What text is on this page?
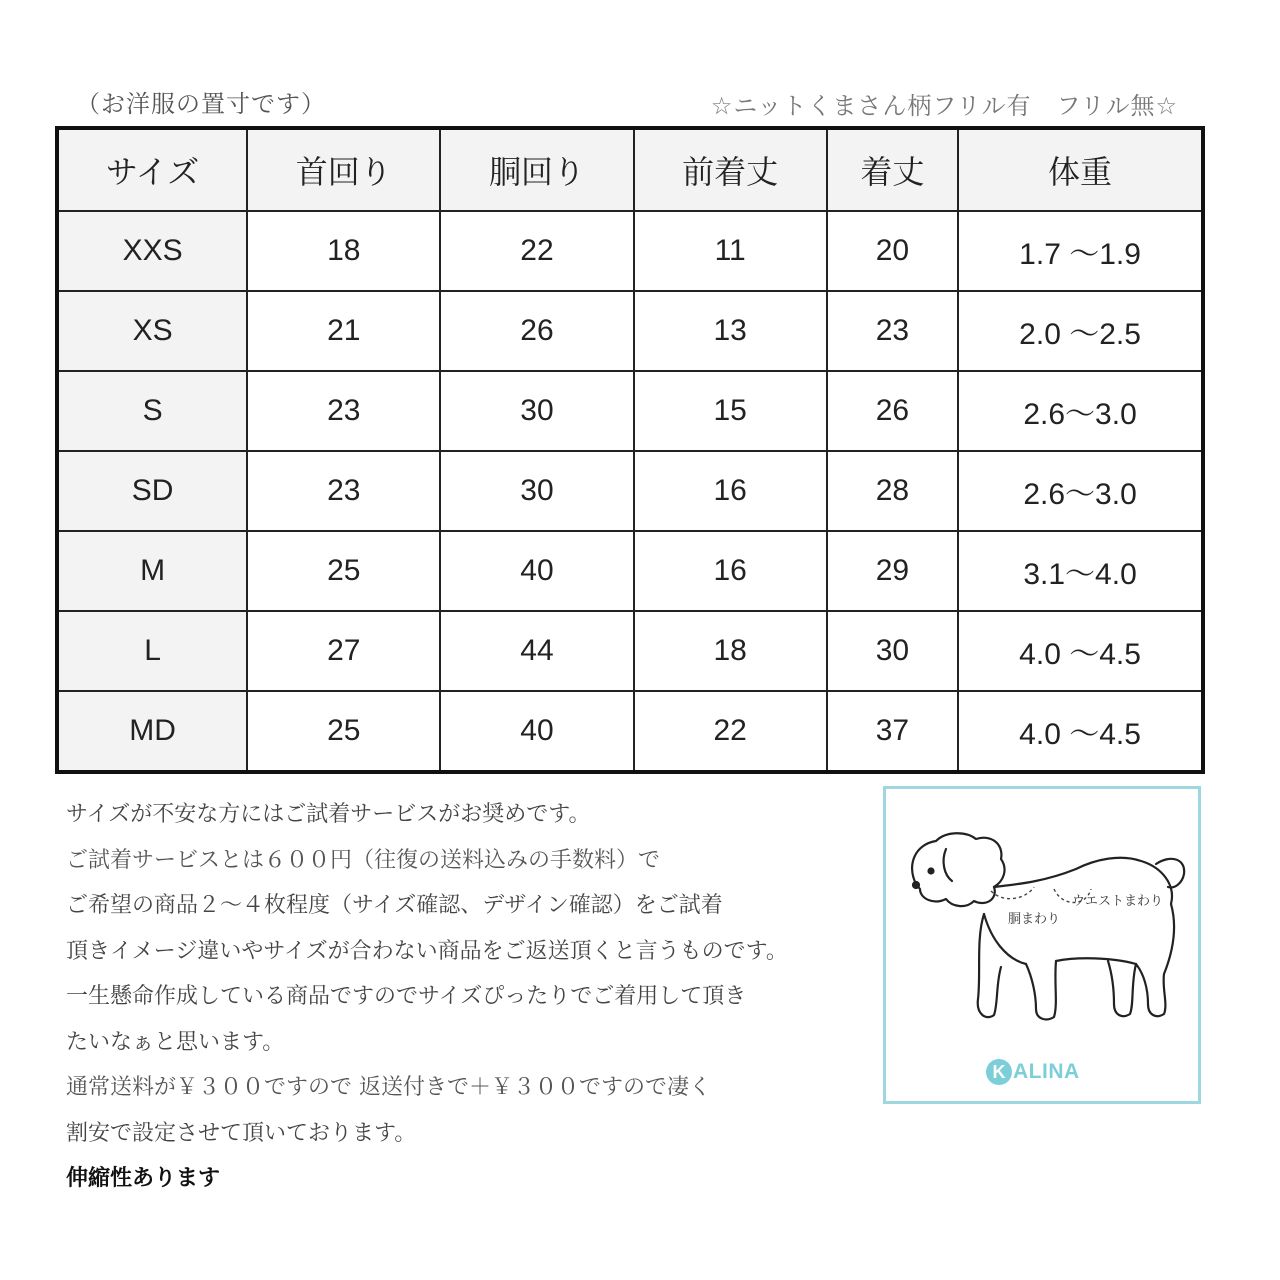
（お洋服の置寸です）	☆ニットくまさん柄フリル有　フリル無☆
サイズ	首回り	胴回り	前着丈	着丈	体重
XXS	18	22	11	20	1.7 ～1.9
XS	21	26	13	23	2.0 ～2.5
S	23	30	15	26	2.6～3.0
SD	23	30	16	28	2.6～3.0
M	25	40	16	29	3.1～4.0
L	27	44	18	30	4.0 ～4.5
MD	25	40	22	37	4.0 ～4.5
サイズが不安な方にはご試着サービスがお奨めです。
ご試着サービスとは６００円（往復の送料込みの手数料）で
ご希望の商品２～４枚程度（サイズ確認、デザイン確認）をご試着
頂きイメージ違いやサイズが合わない商品をご返送頂くと言うものです。
一生懸命作成している商品ですのでサイズぴったりでご着用して頂き
たいなぁと思います。
通常送料が￥３００ですので 返送付きで＋￥３００ですので凄く
割安で設定させて頂いております。
伸縮性あります
ウエストまわり
胴まわり
K ALINA
